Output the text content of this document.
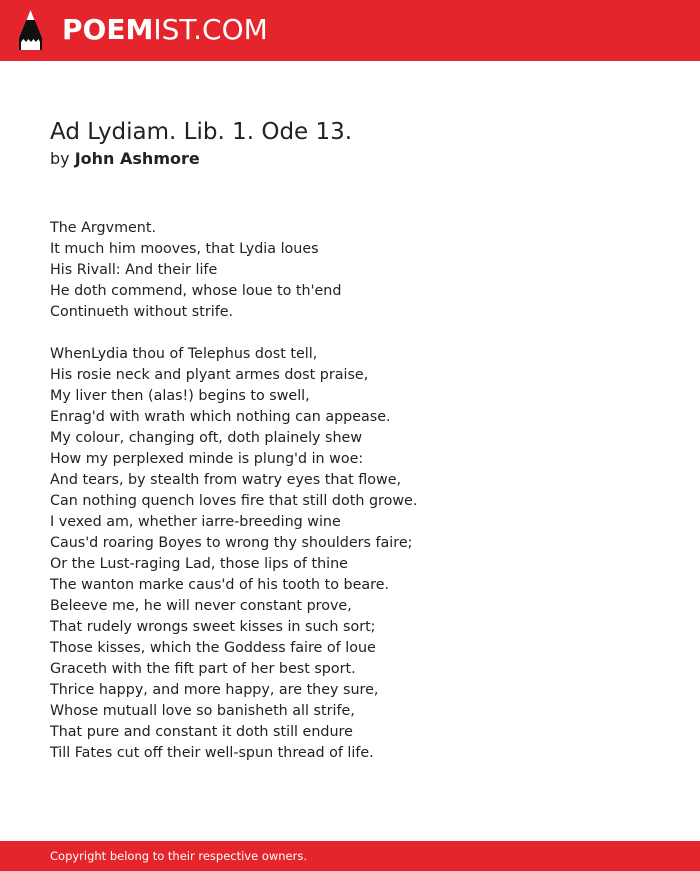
POEMIST.COM
Ad Lydiam. Lib. 1. Ode 13.
by John Ashmore
The Argvment.
It much him mooves, that Lydia loues
His Rivall: And their life
He doth commend, whose loue to th'end
Continueth without strife.
WhenLydia thou of Telephus dost tell,
His rosie neck and plyant armes dost praise,
My liver then (alas!) begins to swell,
Enrag'd with wrath which nothing can appease.
My colour, changing oft, doth plainely shew
How my perplexed minde is plung'd in woe:
And tears, by stealth from watry eyes that flowe,
Can nothing quench loves fire that still doth growe.
I vexed am, whether iarre-breeding wine
Caus'd roaring Boyes to wrong thy shoulders faire;
Or the Lust-raging Lad, those lips of thine
The wanton marke caus'd of his tooth to beare.
Beleeve me, he will never constant prove,
That rudely wrongs sweet kisses in such sort;
Those kisses, which the Goddess faire of loue
Graceth with the fift part of her best sport.
Thrice happy, and more happy, are they sure,
Whose mutuall love so banisheth all strife,
That pure and constant it doth still endure
Till Fates cut off their well-spun thread of life.
Copyright belong to their respective owners.
